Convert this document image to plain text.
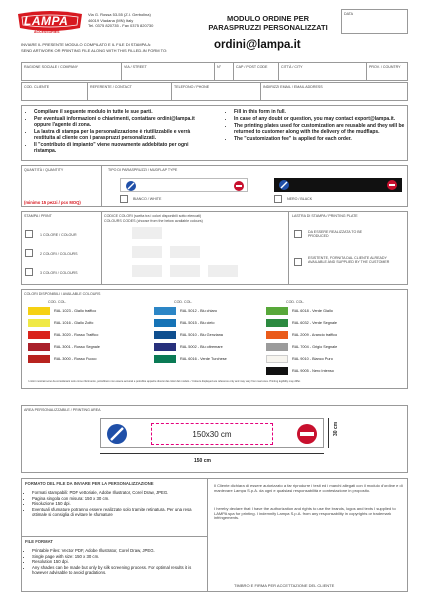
LAMPA
ACCESSORIES
Via G. Rossa 53-55 (Z.I. Gerbolina)
46019 Viadana (MN) Italy
Tel. 0375 820735 - Fax 0375 820730
MODULO ORDINE PER
PARASPRUZZI PERSONALIZZATI
DATA
INVIARE IL PRESENTE MODULO COMPILATO E IL FILE DI STAMPA A:
SEND ARTWORK OR PRINTING FILE ALONG WITH THIS FILLED-IN FORM TO:	ordini@lampa.it
RAGIONE SOCIALE / COMPANY	VIA / STREET	N°	CAP / POST CODE	CITTÀ / CITY	PROV. / COUNTRY
COD. CLIENTE	REFERENTE / CONTACT	TELEFONO / PHONE	INDIRIZZI EMAIL / EMAIL ADDRESS
• Compilare il seguente modulo in tutte le sue parti.
• Per eventuali informazioni o chiarimenti, contattare ordini@lampa.it oppure l'agente di zona.
• La lastra di stampa per la personalizzazione è riutilizzabile e verrà restituita al cliente con i paraspruzzi personalizzati.
• Il "contributo di impianto" viene nuovamente addebitato per ogni ristampa.
• Fill in this form in full.
• In case of any doubt or question, you may contact export@lampa.it.
• The printing plates used for customization are reusable and they will be returned to customer along with the delivery of the mudflaps.
• The "customization fee" is applied for each order.
QUANTITÀ / QUANTITY
(minimo 15 pezzi / pcs MOQ)
TIPO DI PARASPRUZZI / MUDFLAP TYPE
BIANCO / WHITE	NERO / BLACK
STAMPA / PRINT
1 COLORE / COLOUR
2 COLORI / COLOURS
3 COLORI / COLOURS
CODICE COLORI (scelta tra i colori disponibili sotto elencati)
COLOURS CODES (choose from the below available colours)
LASTRA DI STAMPA / PRINTING PLATE
DA ESSERE REALIZZATA TO BE PRODUCED
ESISTENTE, FORNITA DAL CLIENTE ALREADY AVAILABLE AND SUPPLIED BY THE CUSTOMER
COLORI DISPONIBILI / AVAILABLE COLOURS
COD. COL.	COD. COL.	COD. COL.
RAL 1023 - Giallo traffico
RAL 1016 - Giallo Zolfo
RAL 3020 - Rosso Traffico
RAL 3001 - Rosso Segnale
RAL 3000 - Rosso Fuoco
RAL 5012 - Blu chiaro
RAL 5015 - Blu cielo
RAL 5010 - Blu Genziana
RAL 5002 - Blu oltremare
RAL 6016 - Verde Turchese
RAL 6018 - Verde Giallo
RAL 6032 - Verde Segnale
RAL 2009 - Arancio traffico
RAL 7004 - Grigio Segnale
RAL 9010 - Bianco Puro
RAL 9005 - Nero Intenso
I colori mostrati sono da considerarsi solo come riferimento, potrebbero non essere accurati e potrebbe apparire diversi dai colori del modulo. / Colours displayed are reference only and may vary from real ones. Printing legibility may differ.
AREA PERSONALIZZABILE / PRINTING AREA
150x30 cm	30 cm
150 cm
FORMATO DEL FILE DA INVIARE PER LA PERSONALIZZAZIONE
• Formati stampabili: PDF vettoriale, Adobe Illustrator, Corel Draw, JPEG.
• Pagina singola con misura: 150 x 30 cm.
• Risoluzione 150 dpi.
• Eventuali sfumature potranno essere realizzate solo tramite retinatura. Per una resa ottimale si consiglia di evitare le sfumature
FILE FORMAT
• Printable Files: Vector PDF, Adobe Illustrator, Corel Draw, JPEG.
• Single page with size: 150 x 30 cm.
• Resolution 150 dpi.
• Any shades can be made but only by silk screening process. For optimal results it is however advisable to avoid gradations.
Il Cliente dichiara di essere autorizzato a far riprodurre i testi ed i marchi allegati con il modulo d'ordine e di manlevare Lampa S.p.A. da ogni e qualsiasi responsabilità e contestazione in proposito.
I hereby declare that I have the authorization and rights to use the brands, logos and texts I supplied to LAMPA spa for printing. I indemnify Lampa S.p.A. from any responsability in copyrights or trademark infringements.
TIMBRO E FIRMA PER ACCETTAZIONE DEL CLIENTE
